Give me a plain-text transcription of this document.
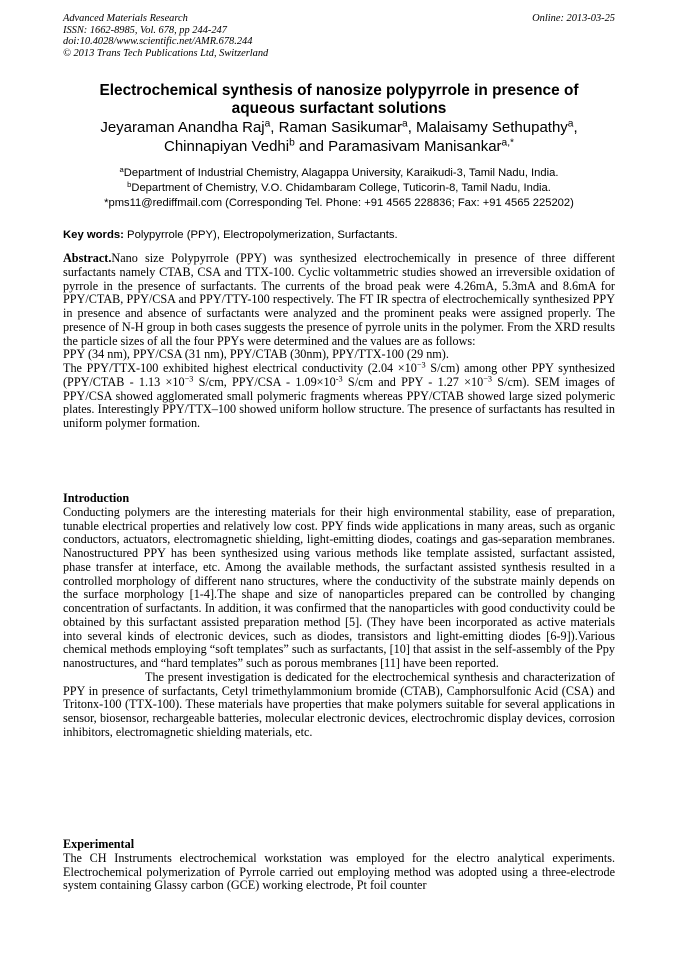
Advanced Materials Research
ISSN: 1662-8985, Vol. 678, pp 244-247
doi:10.4028/www.scientific.net/AMR.678.244
© 2013 Trans Tech Publications Ltd, Switzerland
Online: 2013-03-25
Electrochemical synthesis of nanosize polypyrrole in presence of
aqueous surfactant solutions
Jeyaraman Anandha Raj$^a$, Raman Sasikumar$^a$, Malaisamy Sethupathy$^a$,
Chinnapiyan Vedhi$^b$ and Paramasivam Manisankar$^{a,*}$
$^a$Department of Industrial Chemistry, Alagappa University, Karaikudi-3, Tamil Nadu, India.
$^b$Department of Chemistry, V.O. Chidambaram College, Tuticorin-8, Tamil Nadu, India.
*pms11@rediffmail.com (Corresponding Tel. Phone: +91 4565 228836; Fax: +91 4565 225202)
Key words: Polypyrrole (PPY), Electropolymerization, Surfactants.

Abstract.Nano size Polypyrrole (PPY) was synthesized electrochemically in presence of three different surfactants namely CTAB, CSA and TTX-100. Cyclic voltammetric studies showed an irreversible oxidation of pyrrole in the presence of surfactants. The currents of the broad peak were 4.26mA, 5.3mA and 8.6mA for PPY/CTAB, PPY/CSA and PPY/TTY-100 respectively. The FT IR spectra of electrochemically synthesized PPY in presence and absence of surfactants were analyzed and the prominent peaks were assigned properly. The presence of N-H group in both cases suggests the presence of pyrrole units in the polymer. From the XRD results the particle sizes of all the four PPYs were determined and the values are as follows:

PPY (34 nm), PPY/CSA (31 nm), PPY/CTAB (30nm), PPY/TTX-100 (29 nm).

The PPY/TTX-100 exhibited highest electrical conductivity ($2.04 \times 10^{-3}$ S/cm) among other PPY synthesized (PPY/CTAB - $1.13 \times 10^{-3}$ S/cm, $PPY/CSA - 1.09\times 10^{-3}$ S/cm and PPY - $1.27 \times 10^{-3}$ S/cm). SEM images of PPY/CSA showed agglomerated small polymeric fragments whereas PPY/CTAB showed large sized polymeric plates. Interestingly PPY/TTX–100 showed uniform hollow structure. The presence of surfactants has resulted in uniform polymer formation.

Introduction

Conducting polymers are the interesting materials for their high environmental stability, ease of preparation, tunable electrical properties and relatively low cost. PPY finds wide applications in many areas, such as organic conductors, actuators, electromagnetic shielding, light-emitting diodes, coatings and gas-separation membranes. Nanostructured PPY has been synthesized using various methods like template assisted, surfactant assisted, phase transfer at interface, etc. Among the available methods, the surfactant assisted synthesis resulted in a controlled morphology of different nano structures, where the conductivity of the substrate mainly depends on the surface morphology [1-4].The shape and size of nanoparticles prepared can be controlled by changing concentration of surfactants. In addition, it was confirmed that the nanoparticles with good conductivity could be obtained by this surfactant assisted preparation method [5]. (They have been incorporated as active materials into several kinds of electronic devices, such as diodes, transistors and light-emitting diodes [6-9]).Various chemical methods employing “soft templates” such as surfactants, [10] that assist in the self-assembly of the Ppy nanostructures, and “hard templates” such as porous membranes [11] have been reported.

The present investigation is dedicated for the electrochemical synthesis and characterization of PPY in presence of surfactants, Cetyl trimethylammonium bromide (CTAB), Camphorsulfonic Acid (CSA) and Tritonx-100 (TTX-100). These materials have properties that make polymers suitable for several applications in sensor, biosensor, rechargeable batteries, molecular electronic devices, electrochromic display devices, corrosion inhibitors, electromagnetic shielding materials, etc.

Experimental

The CH Instruments electrochemical workstation was employed for the electro analytical experiments. Electrochemical polymerization of Pyrrole carried out employing method was adopted using a three-electrode system containing Glassy carbon (GCE) working electrode, Pt foil counter
